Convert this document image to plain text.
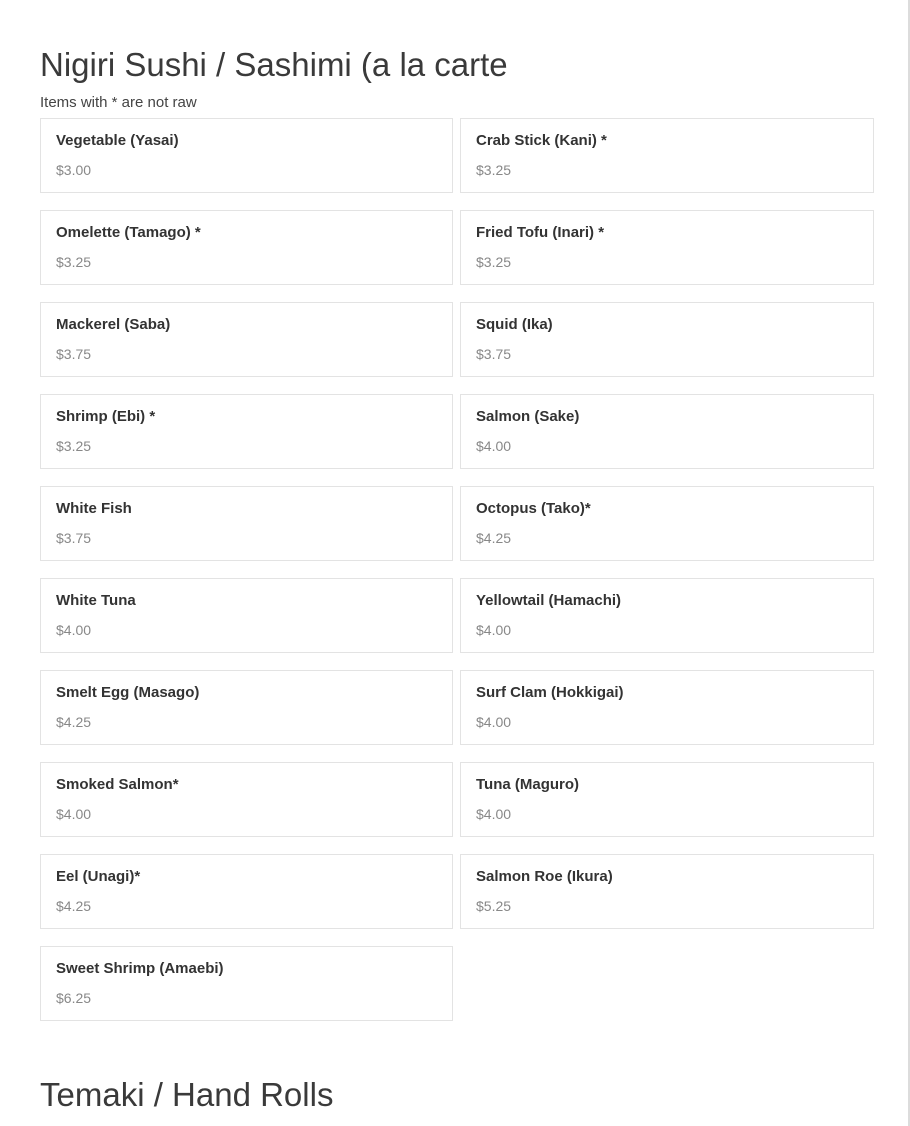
Nigiri Sushi / Sashimi (a la carte

Items with * are not raw

Vegetable (Yasai)
$3.00
Crab Stick (Kani) *
$3.25
Omelette (Tamago) *
$3.25
Fried Tofu (Inari) *
$3.25
Mackerel (Saba)
$3.75
Squid (Ika)
$3.75
Shrimp (Ebi) *
$3.25
Salmon (Sake)
$4.00
White Fish
$3.75
Octopus (Tako)*
$4.25
White Tuna
$4.00
Yellowtail (Hamachi)
$4.00
Smelt Egg (Masago)
$4.25
Surf Clam (Hokkigai)
$4.00
Smoked Salmon*
$4.00
Tuna (Maguro)
$4.00
Eel (Unagi)*
$4.25
Salmon Roe (Ikura)
$5.25
Sweet Shrimp (Amaebi)
$6.25
Temaki / Hand Rolls
